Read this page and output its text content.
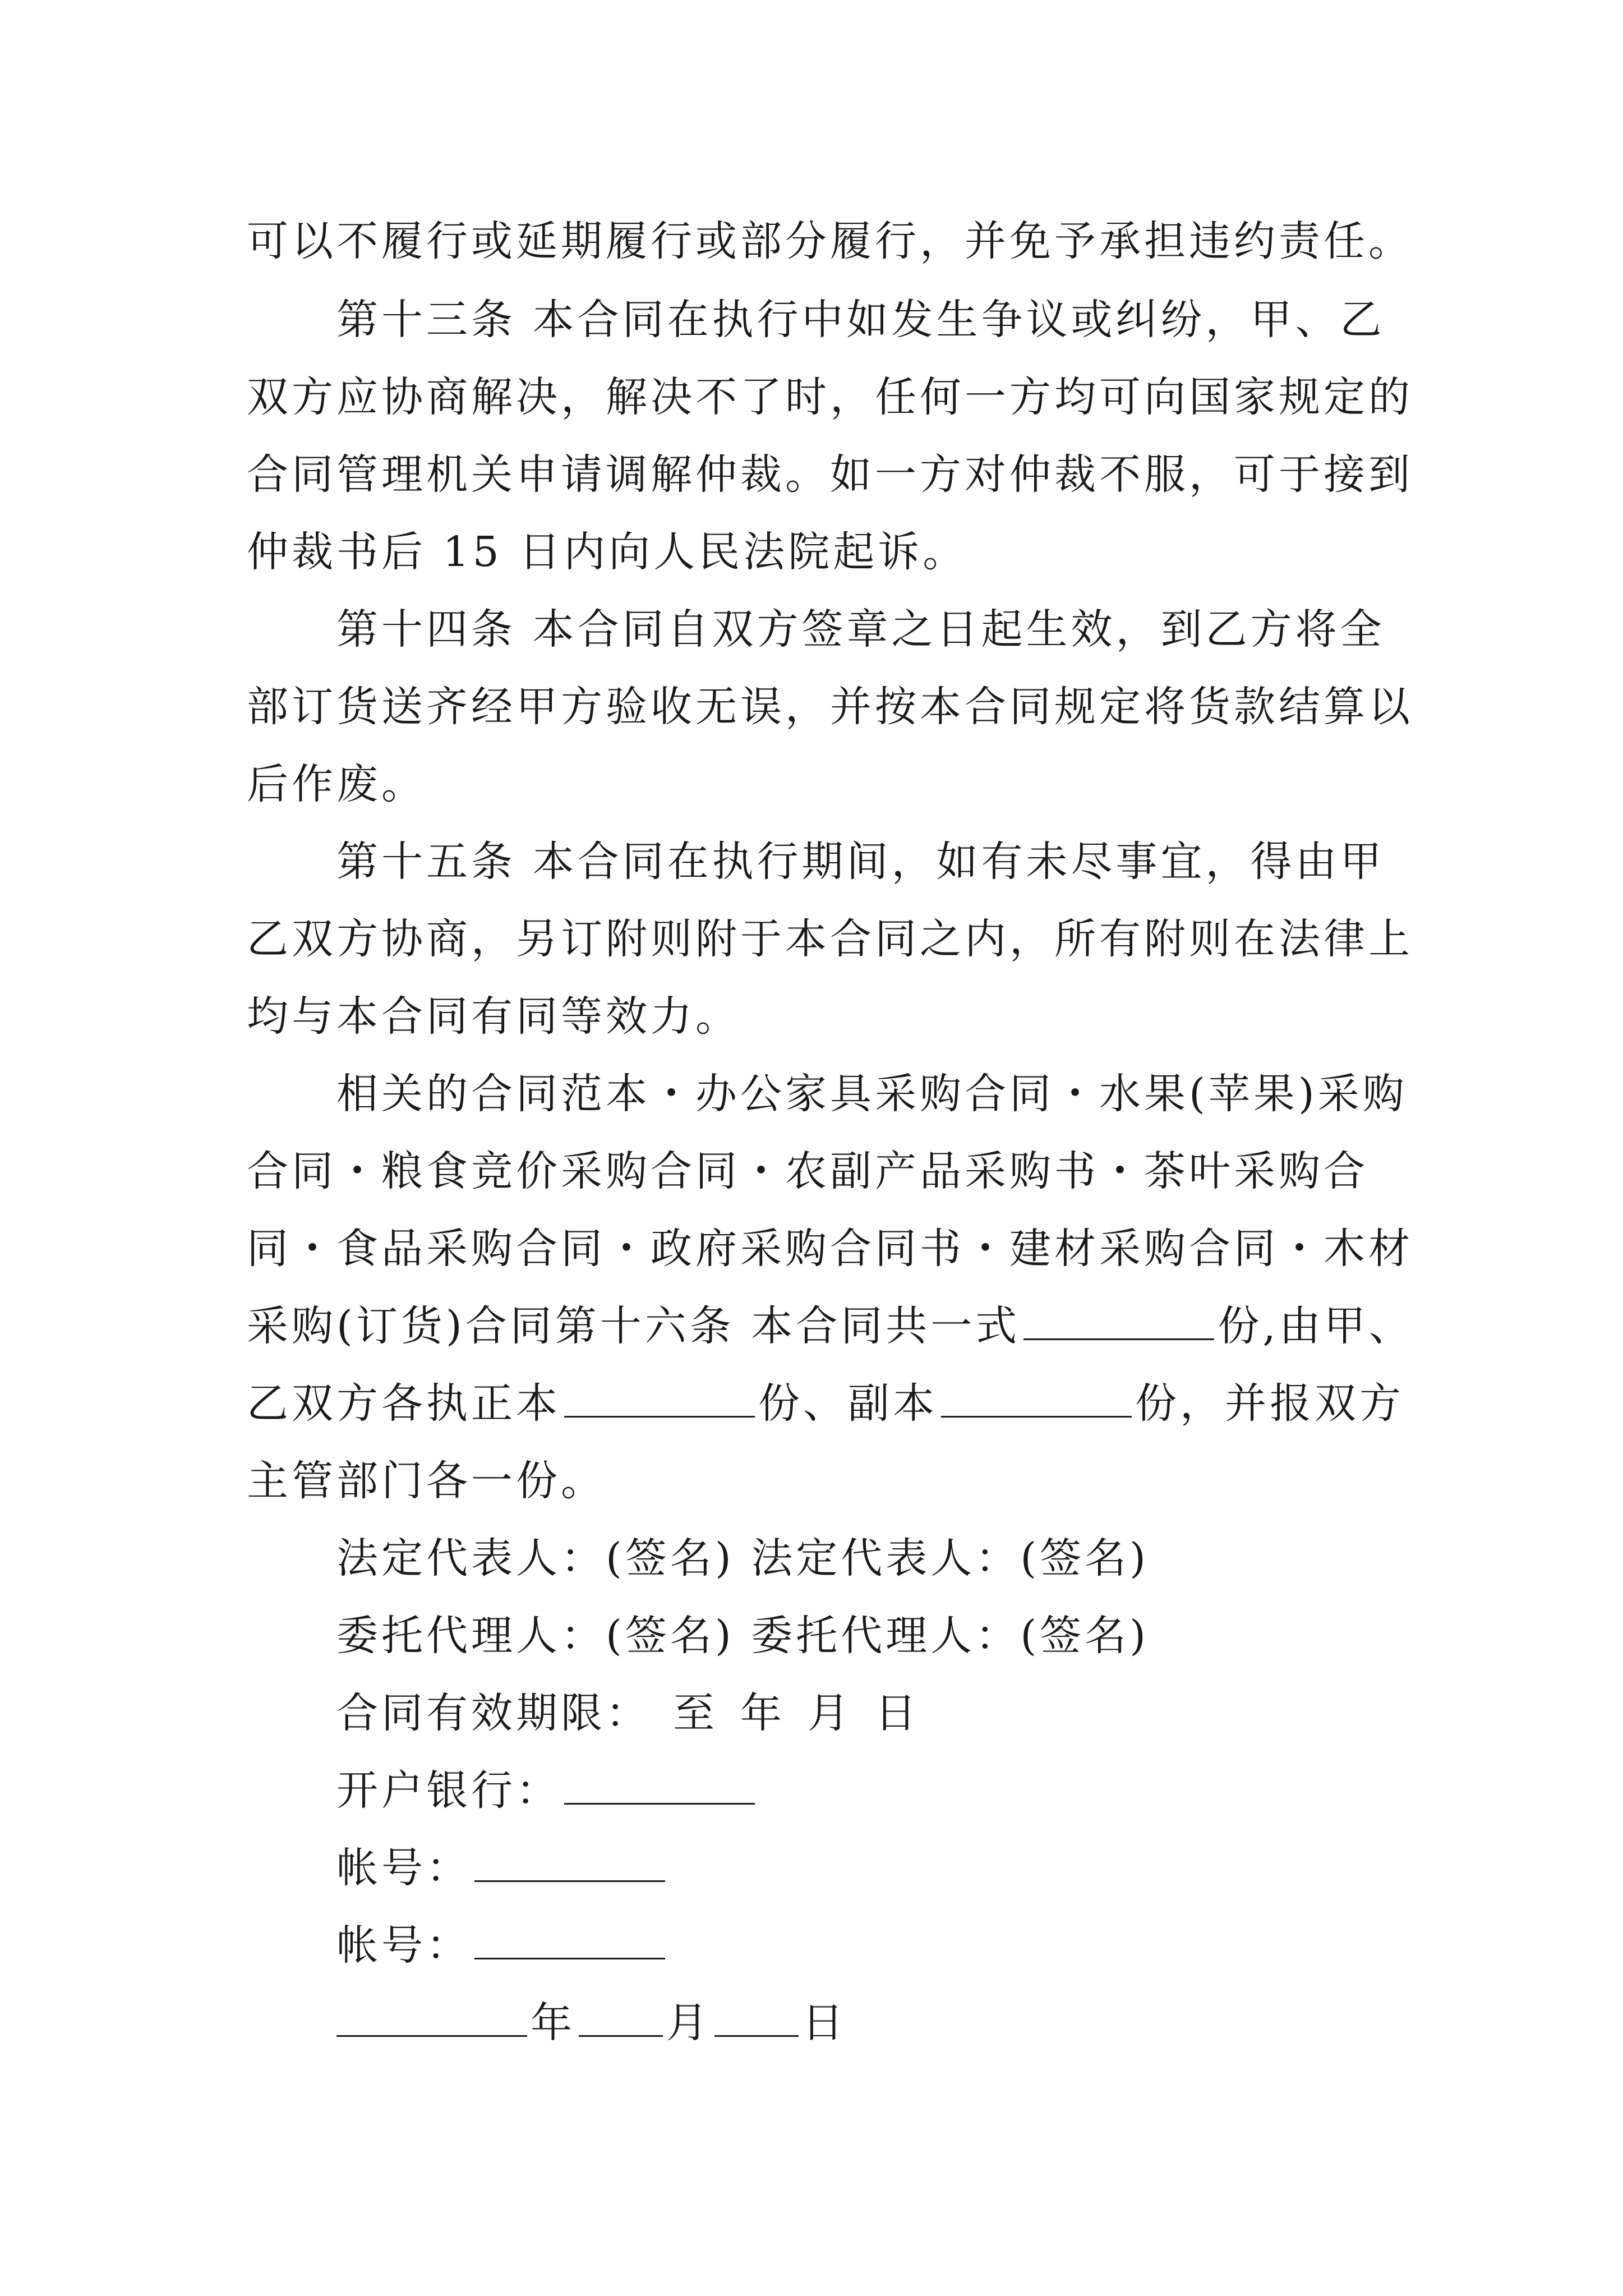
可以不履行或延期履行或部分履行，并免予承担违约责任。
第十三条 本合同在执行中如发生争议或纠纷，甲、乙
双方应协商解决，解决不了时，任何一方均可向国家规定的
合同管理机关申请调解仲裁。如一方对仲裁不服，可于接到
仲裁书后 15 日内向人民法院起诉。
第十四条 本合同自双方签章之日起生效，到乙方将全
部订货送齐经甲方验收无误，并按本合同规定将货款结算以
后作废。
第十五条 本合同在执行期间，如有未尽事宜，得由甲
乙双方协商，另订附则附于本合同之内，所有附则在法律上
均与本合同有同等效力。
相关的合同范本・办公家具采购合同・水果(苹果)采购
合同・粮食竞价采购合同・农副产品采购书・茶叶采购合
同・食品采购合同・政府采购合同书・建材采购合同・木材
采购(订货)合同第十六条 本合同共一式	份,由甲、
乙双方各执正本	份、副本	份，并报双方
主管部门各一份。
法定代表人：(签名) 法定代表人：(签名)
委托代理人：(签名) 委托代理人：(签名)
合同有效期限： 至 年 月 日
开户银行：
帐号：
帐号：
年 月 日
